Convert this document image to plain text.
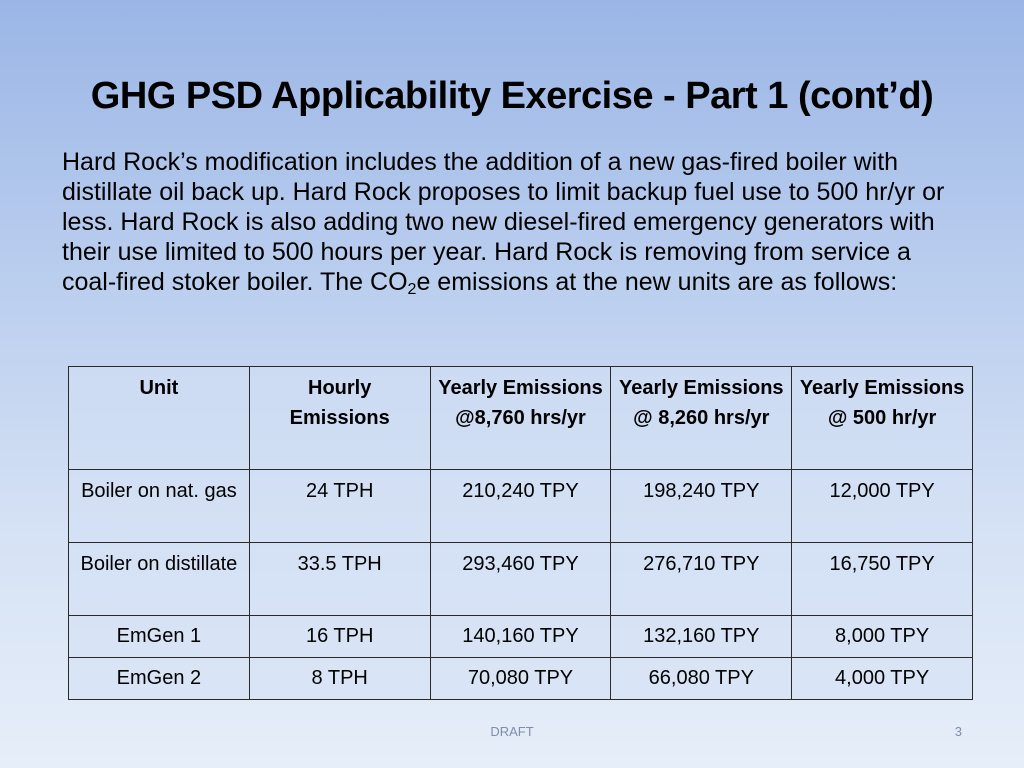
GHG PSD Applicability Exercise - Part 1 (cont’d)
Hard Rock’s modification includes the addition of a new gas-fired boiler with distillate oil back up. Hard Rock proposes to limit backup fuel use to 500 hr/yr or less. Hard Rock is also adding two new diesel-fired emergency generators with their use limited to 500 hours per year. Hard Rock is removing from service a coal-fired stoker boiler. The $CO_2e$ emissions at the new units are as follows:
Unit	Hourly Emissions	Yearly Emissions @8,760 hrs/yr	Yearly Emissions @ 8,260 hrs/yr	Yearly Emissions @ 500 hr/yr
Boiler on nat. gas	24 TPH	210,240 TPY	198,240 TPY	12,000 TPY
Boiler on distillate	33.5 TPH	293,460 TPY	276,710 TPY	16,750 TPY
EmGen 1	16 TPH	140,160 TPY	132,160 TPY	8,000 TPY
EmGen 2	8 TPH	70,080 TPY	66,080 TPY	4,000 TPY
DRAFT	3
